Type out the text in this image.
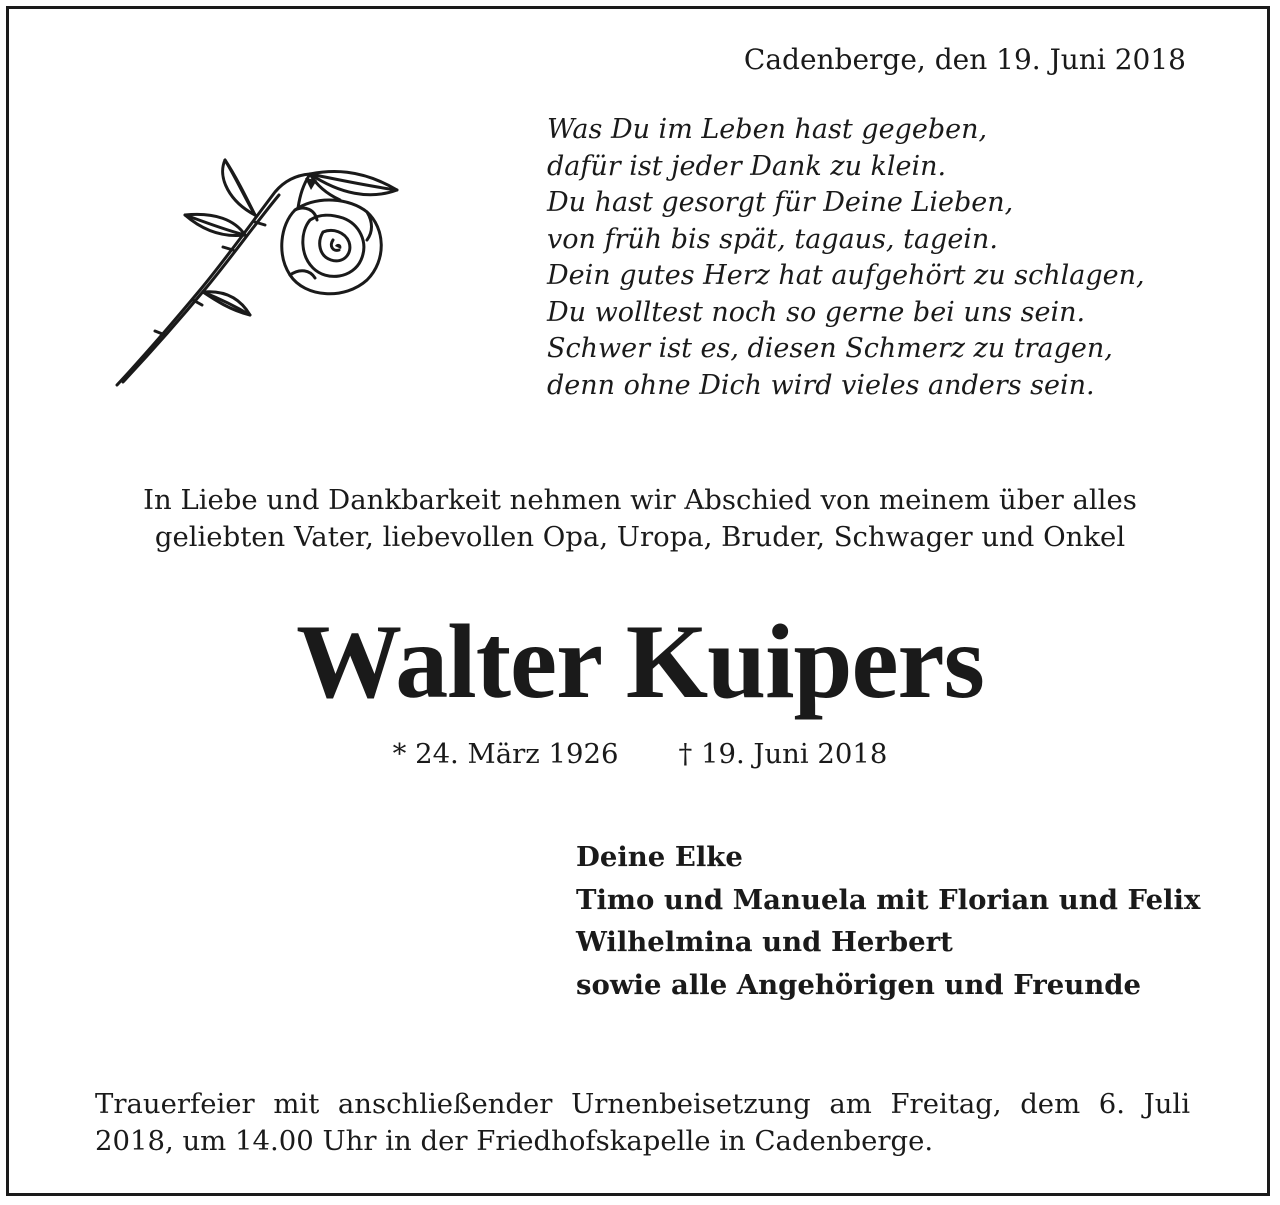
Cadenberge, den 19. Juni 2018
Was Du im Leben hast gegeben,
dafür ist jeder Dank zu klein.
Du hast gesorgt für Deine Lieben,
von früh bis spät, tagaus, tagein.
Dein gutes Herz hat aufgehört zu schlagen,
Du wolltest noch so gerne bei uns sein.
Schwer ist es, diesen Schmerz zu tragen,
denn ohne Dich wird vieles anders sein.
In Liebe und Dankbarkeit nehmen wir Abschied von meinem über alles
geliebten Vater, liebevollen Opa, Uropa, Bruder, Schwager und Onkel
Walter Kuipers
* 24. März 1926 † 19. Juni 2018
Deine Elke
Timo und Manuela mit Florian und Felix
Wilhelmina und Herbert
sowie alle Angehörigen und Freunde
Trauerfeier mit anschließender Urnenbeisetzung am Freitag, dem 6. Juli
2018, um 14.00 Uhr in der Friedhofskapelle in Cadenberge.
